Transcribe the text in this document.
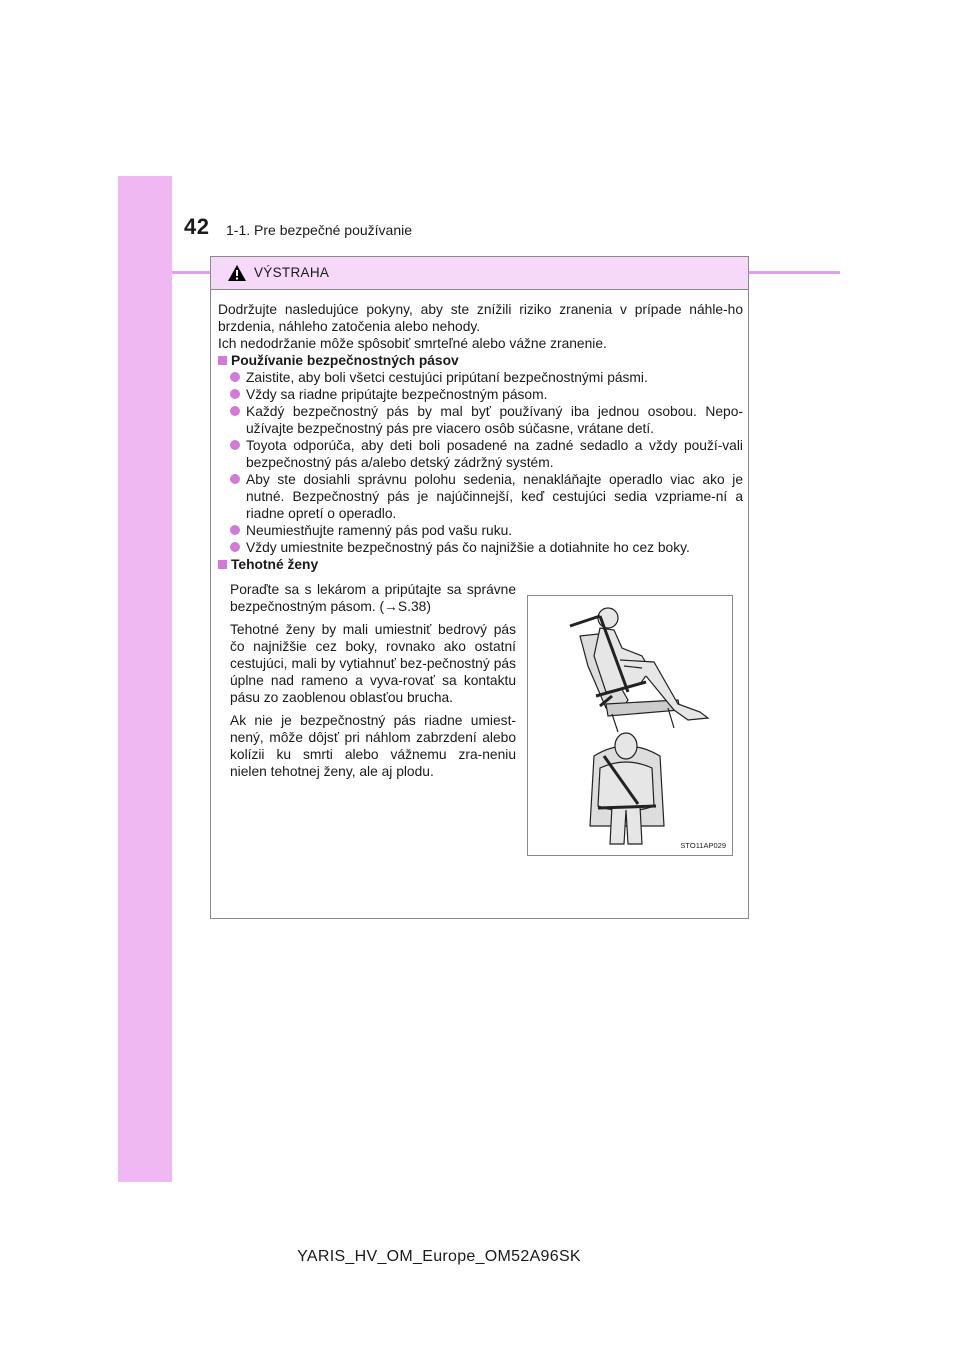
42 1-1. Pre bezpečné používanie
VÝSTRAHA

Dodržujte nasledujúce pokyny, aby ste znížili riziko zranenia v prípade náhle-ho brzdenia, náhleho zatočenia alebo nehody.

Ich nedodržanie môže spôsobiť smrteľné alebo vážne zranenie.

Používanie bezpečnostných pásov

Zaistite, aby boli všetci cestujúci pripútaní bezpečnostnými pásmi.

Vždy sa riadne pripútajte bezpečnostným pásom.

Každý bezpečnostný pás by mal byť používaný iba jednou osobou. Nepo-užívajte bezpečnostný pás pre viacero osôb súčasne, vrátane detí.

Toyota odporúča, aby deti boli posadené na zadné sedadlo a vždy použí-vali bezpečnostný pás a/alebo detský zádržný systém.

Aby ste dosiahli správnu polohu sedenia, nenakláňajte operadlo viac ako je nutné. Bezpečnostný pás je najúčinnejší, keď cestujúci sedia vzpriame-ní a riadne opretí o operadlo.

Neumiestňujte ramenný pás pod vašu ruku.

Vždy umiestnite bezpečnostný pás čo najnižšie a dotiahnite ho cez boky.

Tehotné ženy

Poraďte sa s lekárom a pripútajte sa správne bezpečnostným pásom. (→S.38)

Tehotné ženy by mali umiestniť bedrový pás čo najnižšie cez boky, rovnako ako ostatní cestujúci, mali by vytiahnuť bez-pečnostný pás úplne nad rameno a vyva-rovať sa kontaktu pásu zo zaoblenou oblasťou brucha.

Ak nie je bezpečnostný pás riadne umiest-nený, môže dôjsť pri náhlom zabrzdení alebo kolízii ku smrti alebo vážnemu zra-neniu nielen tehotnej ženy, ale aj plodu.

STO11AP029
YARIS_HV_OM_Europe_OM52A96SK
